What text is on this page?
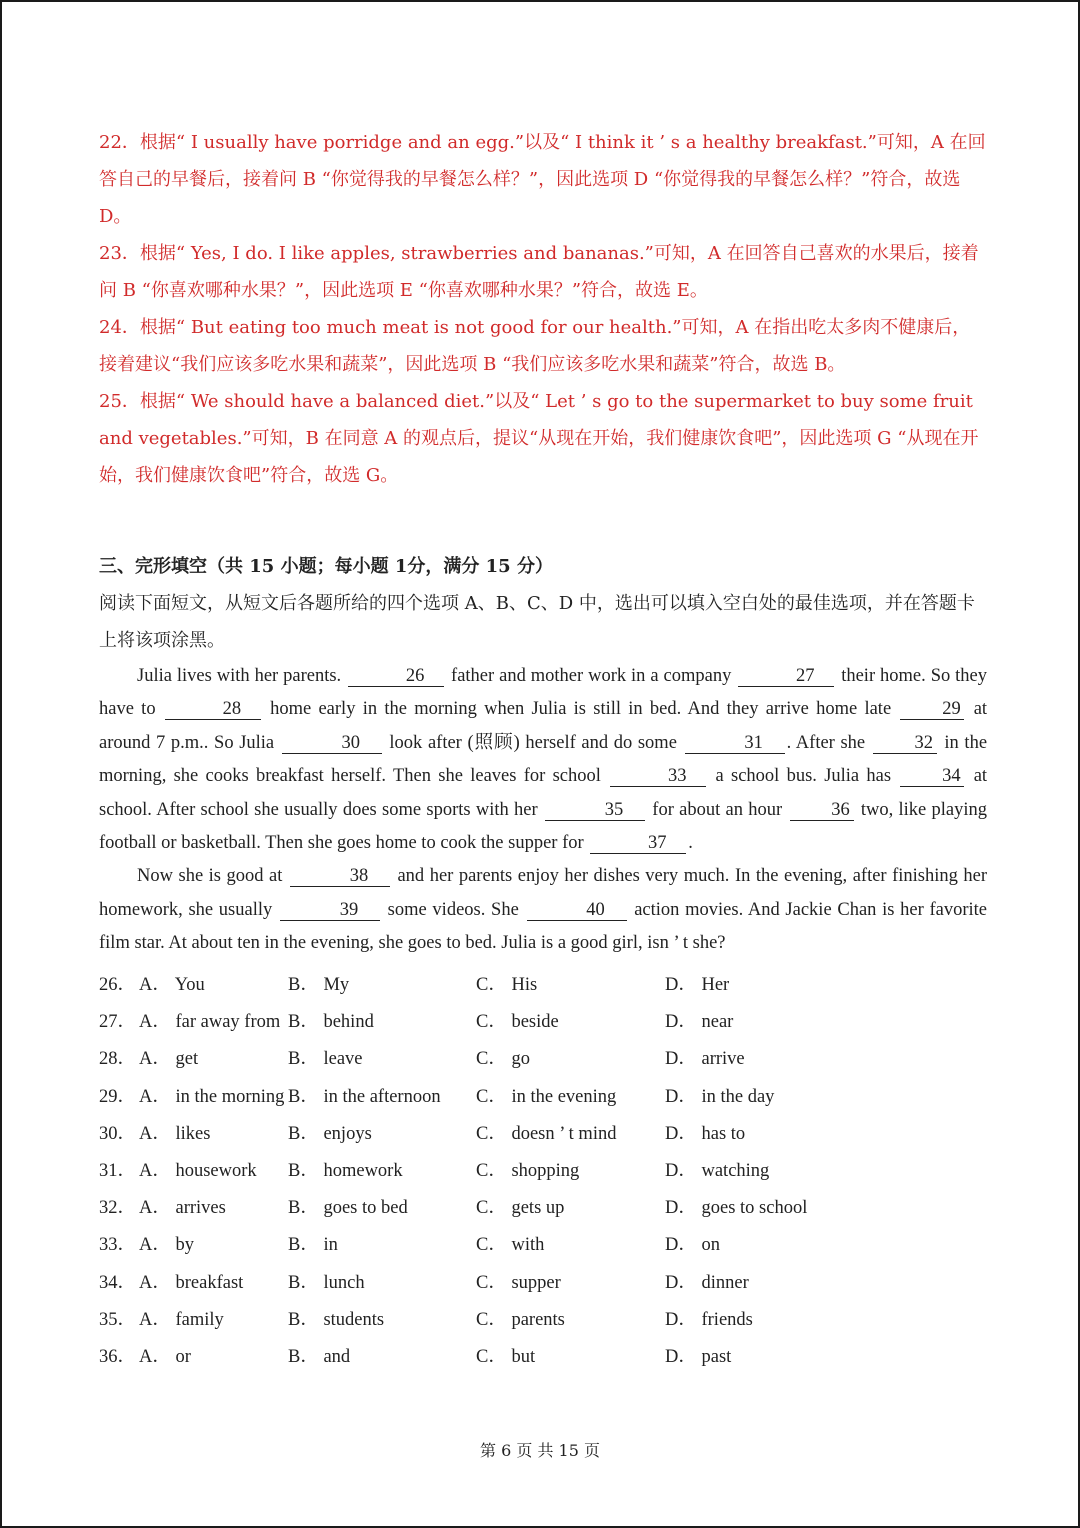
22．根据“ I usually have porridge and an egg.”以及“ I think it ’ s a healthy breakfast.”可知，A 在回答自己的早餐后，接着问 B “你觉得我的早餐怎么样？”，因此选项 D “你觉得我的早餐怎么样？”符合，故选 D。

23．根据“ Yes, I do. I like apples, strawberries and bananas.”可知，A 在回答自己喜欢的水果后，接着问 B “你喜欢哪种水果？”，因此选项 E “你喜欢哪种水果？”符合，故选 E。

24．根据“ But eating too much meat is not good for our health.”可知，A 在指出吃太多肉不健康后，接着建议“我们应该多吃水果和蔬菜”，因此选项 B “我们应该多吃水果和蔬菜”符合，故选 B。

25．根据“ We should have a balanced diet.”以及“ Let ’ s go to the supermarket to buy some fruit and vegetables.”可知，B 在同意 A 的观点后，提议“从现在开始，我们健康饮食吧”，因此选项 G “从现在开始，我们健康饮食吧”符合，故选 G。

三、完形填空（共 15 小题；每小题 1分，满分 15 分）

阅读下面短文，从短文后各题所给的四个选项 A、B、C、D 中，选出可以填入空白处的最佳选项，并在答题卡上将该项涂黑。

Julia lives with her parents.	26 father and mother work in a company	27 their home. So they have to	28 home early in the morning when Julia is still in bed. And they arrive home late	29 at around 7 p.m.. So Julia	30 look after (照顾) herself and do some	31 . After she	32 in the morning, she cooks breakfast herself. Then she leaves for school	33 a school bus. Julia has	34 at school. After school she usually does some sports with her	35 for about an hour	36 two, like playing football or basketball. Then she goes home to cook the supper for	37 .

Now she is good at	38 and her parents enjoy her dishes very much. In the evening, after finishing her homework, she usually	39 some videos. She	40 action movies. And Jackie Chan is her favorite film star. At about ten in the evening, she goes to bed. Julia is a good girl, isn ’ t she?

26． A． You	B． My	C． His	D． Her
27． A． far away from B． behind	C． beside	D． near
28． A． get	B． leave	C． go	D． arrive
29． A． in the morning B． in the afternoon C． in the evening	D． in the day
30． A． likes	B． enjoys	C． doesn ’ t mind	D． has to
31． A． housework B． homework	C． shopping	D． watching
32． A． arrives	B． goes to bed	C． gets up	D． goes to school
33． A． by	B． in	C． with	D． on
34． A． breakfast B． lunch	C． supper	D． dinner
35． A． family	B． students	C． parents	D． friends
36． A． or	B． and	C． but	D． past
第 6 页 共 15 页
